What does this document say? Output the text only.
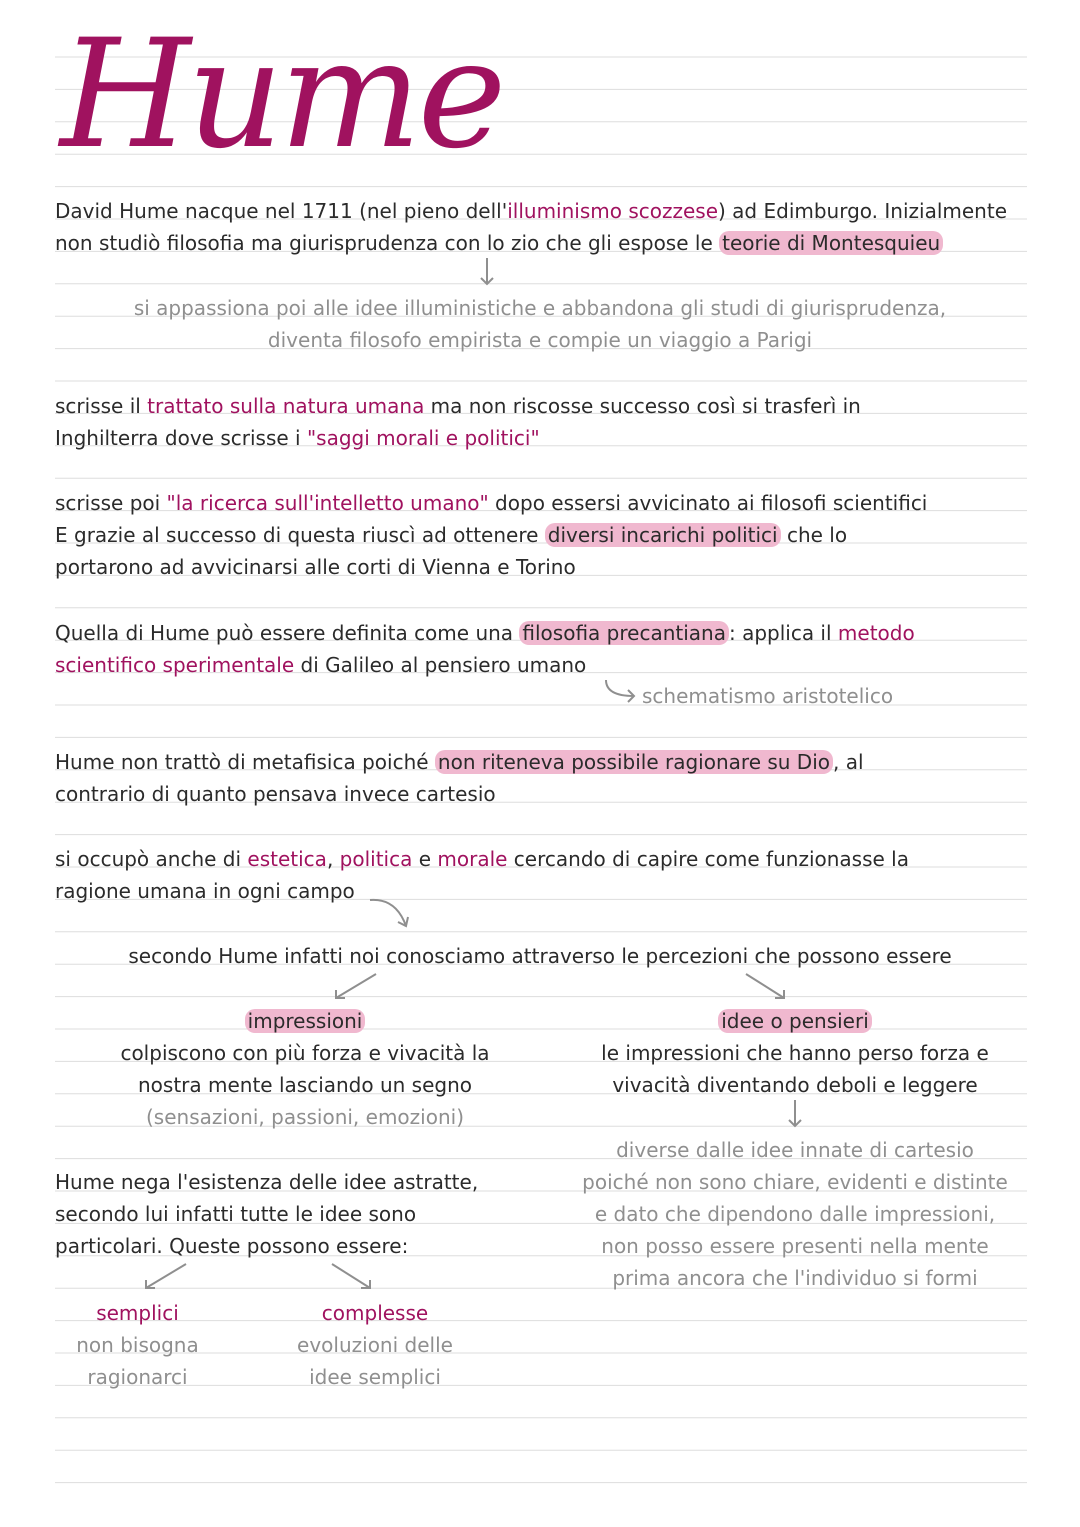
Hume
David Hume nacque nel 1711 (nel pieno dell'illuminismo scozzese) ad Edimburgo. Inizialmente
non studiò filosofia ma giurisprudenza con lo zio che gli espose le teorie di Montesquieu
si appassiona poi alle idee illuministiche e abbandona gli studi di giurisprudenza,
diventa filosofo empirista e compie un viaggio a Parigi
scrisse il trattato sulla natura umana ma non riscosse successo così si trasferì in
Inghilterra dove scrisse i "saggi morali e politici"
scrisse poi "la ricerca sull'intelletto umano" dopo essersi avvicinato ai filosofi scientifici
E grazie al successo di questa riuscì ad ottenere diversi incarichi politici che lo
portarono ad avvicinarsi alle corti di Vienna e Torino
Quella di Hume può essere definita come una filosofia precantiana : applica il metodo
scientifico sperimentale di Galileo al pensiero umano
schematismo aristotelico
Hume non trattò di metafisica poiché non riteneva possibile ragionare su Dio , al
contrario di quanto pensava invece cartesio
si occupò anche di estetica, politica e morale cercando di capire come funzionasse la
ragione umana in ogni campo
secondo Hume infatti noi conosciamo attraverso le percezioni che possono essere
impressioni
colpiscono con più forza e vivacità la
nostra mente lasciando un segno
(sensazioni, passioni, emozioni)
idee o pensieri
le impressioni che hanno perso forza e
vivacità diventando deboli e leggere
diverse dalle idee innate di cartesio
poiché non sono chiare, evidenti e distinte
e dato che dipendono dalle impressioni,
non posso essere presenti nella mente
prima ancora che l'individuo si formi
Hume nega l'esistenza delle idee astratte,
secondo lui infatti tutte le idee sono
particolari. Queste possono essere:
semplici
non bisogna
ragionarci
complesse
evoluzioni delle
idee semplici
